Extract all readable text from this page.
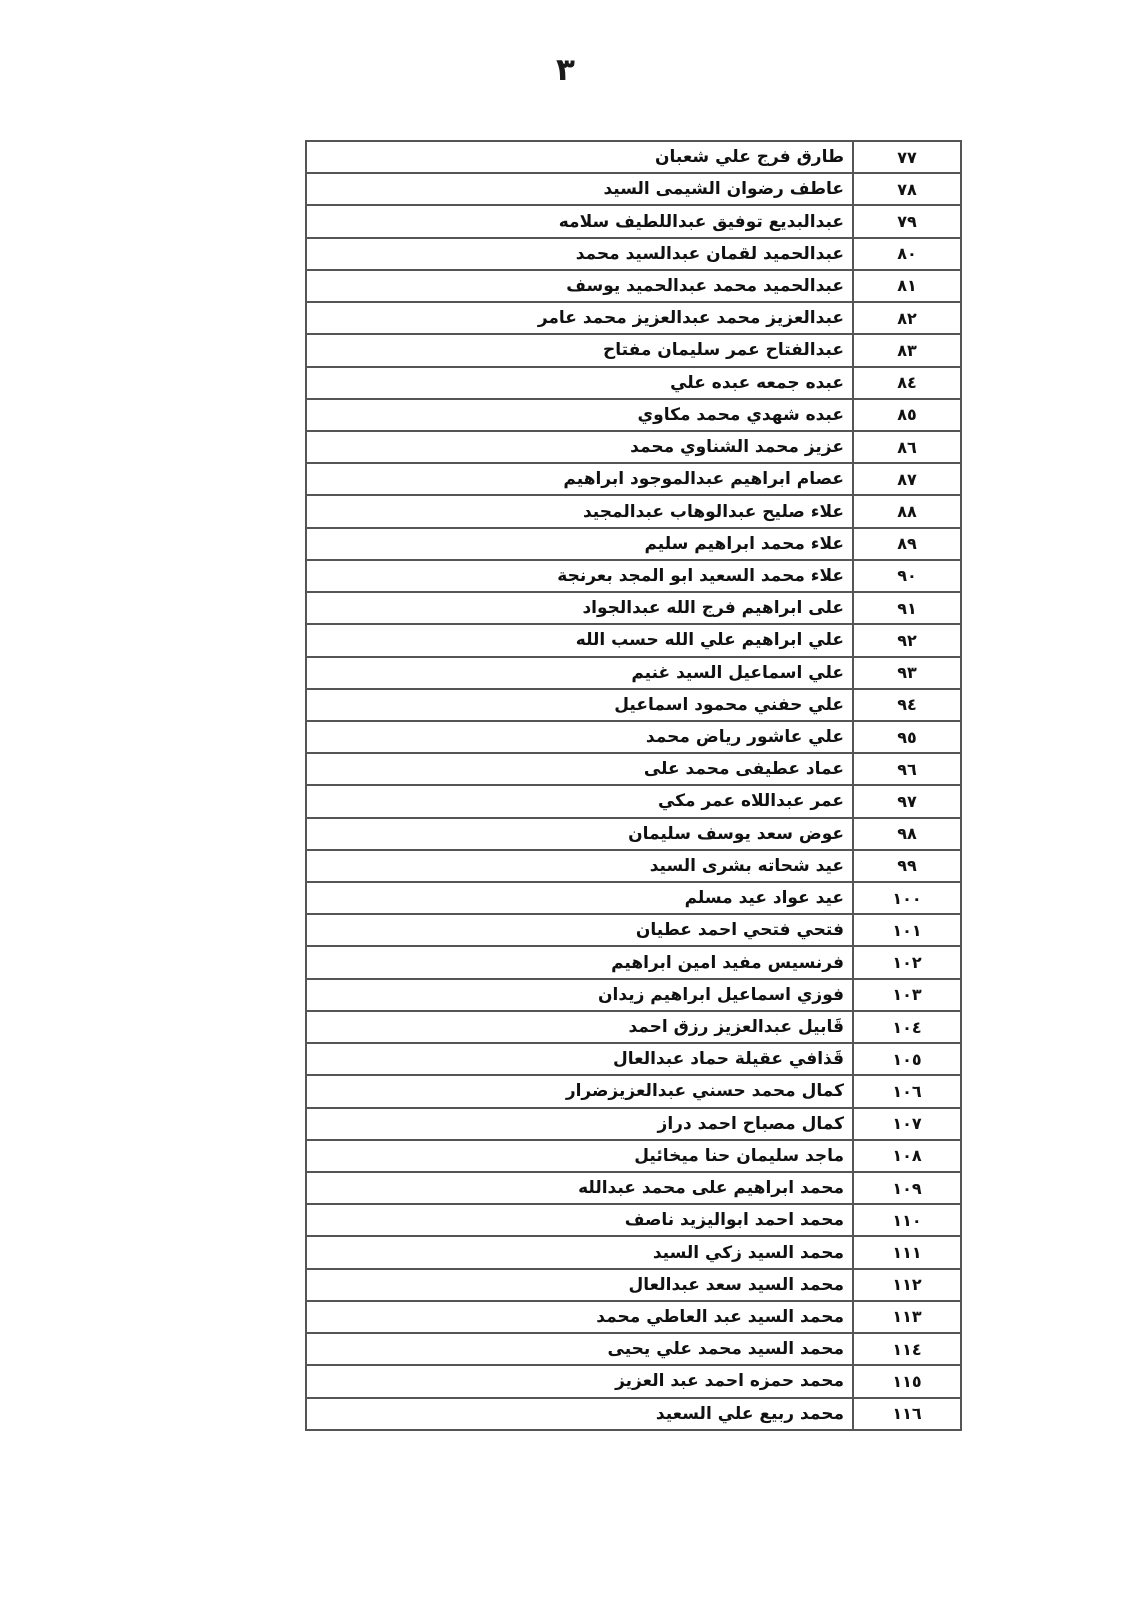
٣
طارق فرج علي شعبان	٧٧
عاطف رضوان الشيمى السيد	٧٨
عبدالبديع توفيق عبداللطيف سلامه	٧٩
عبدالحميد لقمان عبدالسيد محمد	٨٠
عبدالحميد محمد عبدالحميد يوسف	٨١
عبدالعزيز محمد عبدالعزيز محمد عامر	٨٢
عبدالفتاح عمر سليمان مفتاح	٨٣
عبده جمعه عبده علي	٨٤
عبده شهدي محمد مكاوي	٨٥
عزيز محمد الشناوي محمد	٨٦
عصام ابراهيم عبدالموجود ابراهيم	٨٧
علاء صليح عبدالوهاب عبدالمجيد	٨٨
علاء محمد ابراهيم سليم	٨٩
علاء محمد السعيد ابو المجد بعرنجة	٩٠
على ابراهيم فرج الله عبدالجواد	٩١
علي ابراهيم علي الله حسب الله	٩٢
علي اسماعيل السيد غنيم	٩٣
علي حفني محمود اسماعيل	٩٤
علي عاشور رياض محمد	٩٥
عماد عطيفى محمد على	٩٦
عمر عبداللاه عمر مكي	٩٧
عوض سعد يوسف سليمان	٩٨
عيد شحاته بشرى السيد	٩٩
عيد عواد عيد مسلم	١٠٠
فتحي فتحي احمد عطيان	١٠١
فرنسيس مفيد امين ابراهيم	١٠٢
فوزي اسماعيل ابراهيم زيدان	١٠٣
قَابيل عبدالعزيز رزق احمد	١٠٤
قَذافي عقيلة حماد عبدالعال	١٠٥
كمال محمد حسني عبدالعزيزضرار	١٠٦
كمال مصباح احمد دراز	١٠٧
ماجد سليمان حنا ميخائيل	١٠٨
محمد ابراهيم على محمد عبدالله	١٠٩
محمد احمد ابواليزيد ناصف	١١٠
محمد السيد زكي السيد	١١١
محمد السيد سعد عبدالعال	١١٢
محمد السيد عبد العاطي محمد	١١٣
محمد السيد محمد علي يحيى	١١٤
محمد حمزه احمد عبد العزيز	١١٥
محمد ربيع علي السعيد	١١٦
